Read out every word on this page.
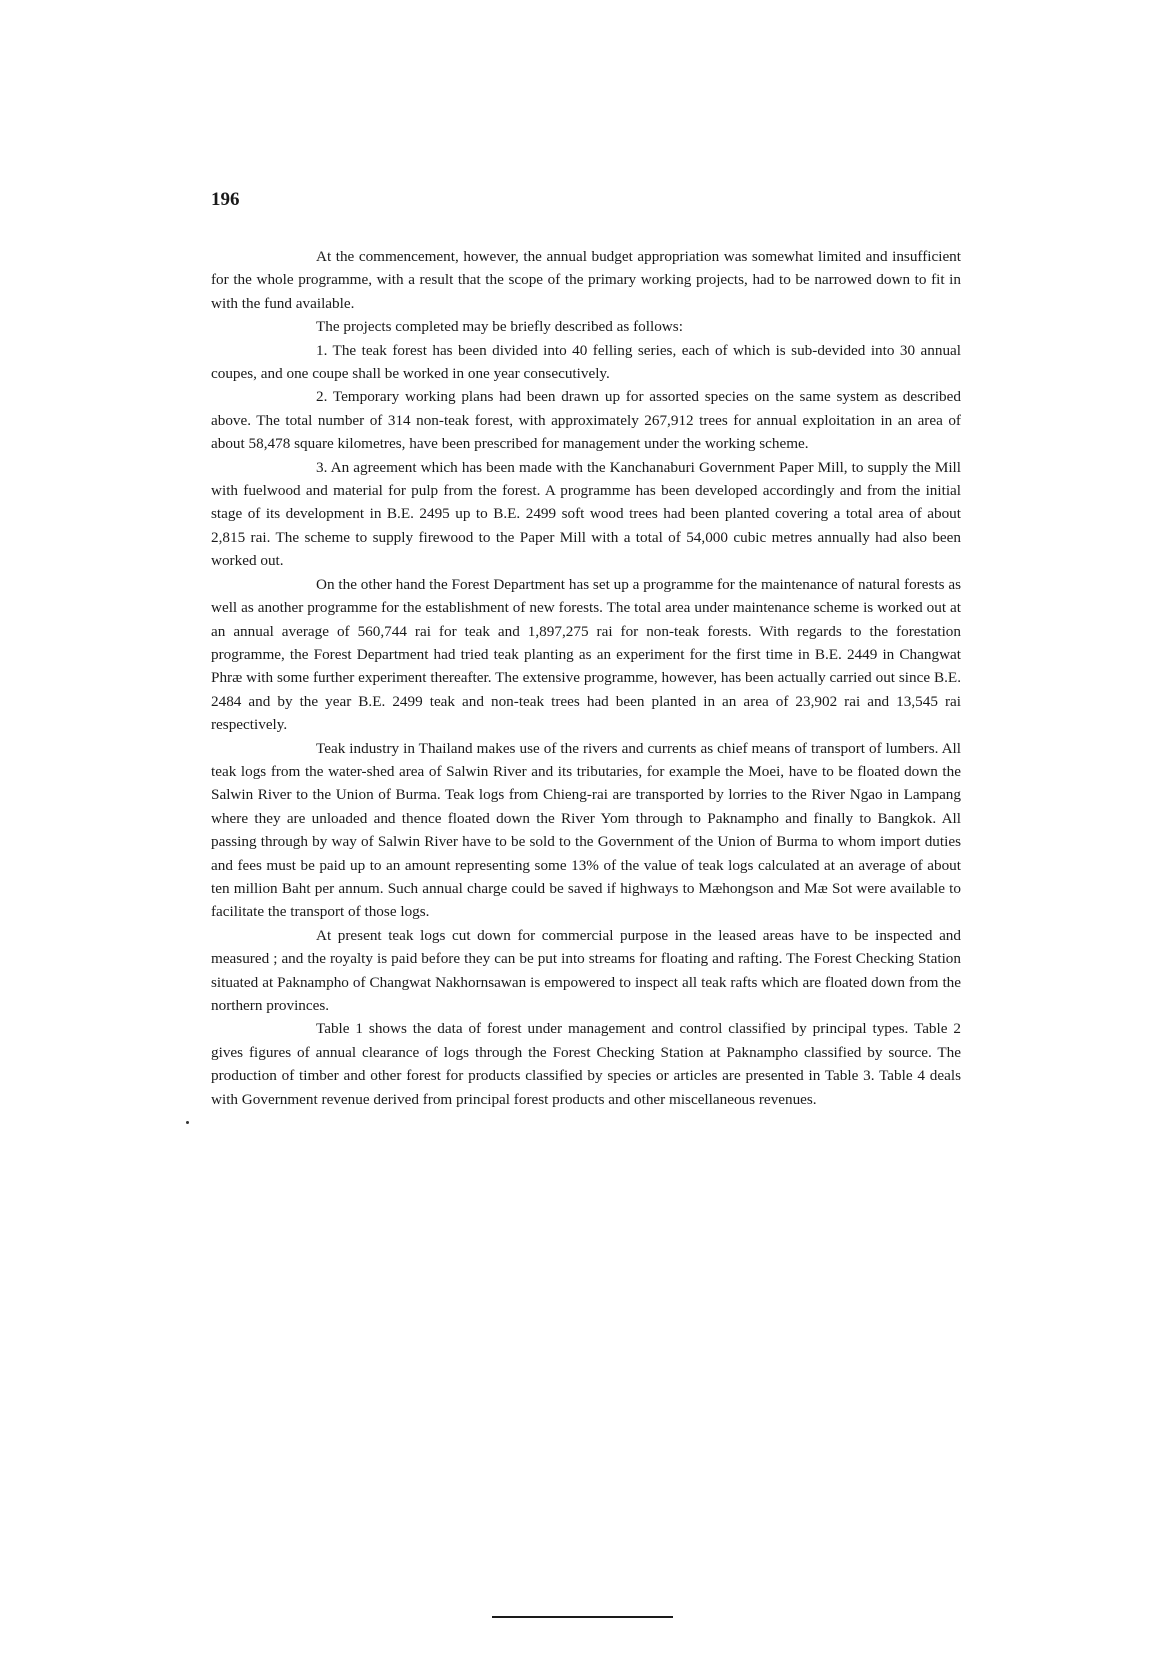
196

At the commencement, however, the annual budget appropriation was somewhat limited and insufficient for the whole programme, with a result that the scope of the primary working projects, had to be narrowed down to fit in with the fund available.

The projects completed may be briefly described as follows:

1. The teak forest has been divided into 40 felling series, each of which is sub-devided into 30 annual coupes, and one coupe shall be worked in one year consecutively.

2. Temporary working plans had been drawn up for assorted species on the same system as described above. The total number of 314 non-teak forest, with approximately 267,912 trees for annual exploitation in an area of about 58,478 square kilometres, have been prescribed for management under the working scheme.

3. An agreement which has been made with the Kanchanaburi Government Paper Mill, to supply the Mill with fuelwood and material for pulp from the forest. A programme has been developed accordingly and from the initial stage of its development in B.E. 2495 up to B.E. 2499 soft wood trees had been planted covering a total area of about 2,815 rai. The scheme to supply firewood to the Paper Mill with a total of 54,000 cubic metres annually had also been worked out.

On the other hand the Forest Department has set up a programme for the maintenance of natural forests as well as another programme for the establishment of new forests. The total area under maintenance scheme is worked out at an annual average of 560,744 rai for teak and 1,897,275 rai for non-teak forests. With regards to the forestation programme, the Forest Department had tried teak planting as an experiment for the first time in B.E. 2449 in Changwat Phræ with some further experiment thereafter. The extensive programme, however, has been actually carried out since B.E. 2484 and by the year B.E. 2499 teak and non-teak trees had been planted in an area of 23,902 rai and 13,545 rai respectively.

Teak industry in Thailand makes use of the rivers and currents as chief means of transport of lumbers. All teak logs from the water-shed area of Salwin River and its tributaries, for example the Moei, have to be floated down the Salwin River to the Union of Burma. Teak logs from Chieng-rai are transported by lorries to the River Ngao in Lampang where they are unloaded and thence floated down the River Yom through to Paknampho and finally to Bangkok. All passing through by way of Salwin River have to be sold to the Government of the Union of Burma to whom import duties and fees must be paid up to an amount representing some 13% of the value of teak logs calculated at an average of about ten million Baht per annum. Such annual charge could be saved if highways to Mæhongson and Mæ Sot were available to facilitate the transport of those logs.

At present teak logs cut down for commercial purpose in the leased areas have to be inspected and measured ; and the royalty is paid before they can be put into streams for floating and rafting. The Forest Checking Station situated at Paknampho of Changwat Nakhornsawan is empowered to inspect all teak rafts which are floated down from the northern provinces.

Table 1 shows the data of forest under management and control classified by principal types. Table 2 gives figures of annual clearance of logs through the Forest Checking Station at Paknampho classified by source. The production of timber and other forest for products classified by species or articles are presented in Table 3. Table 4 deals with Government revenue derived from principal forest products and other miscellaneous revenues.
